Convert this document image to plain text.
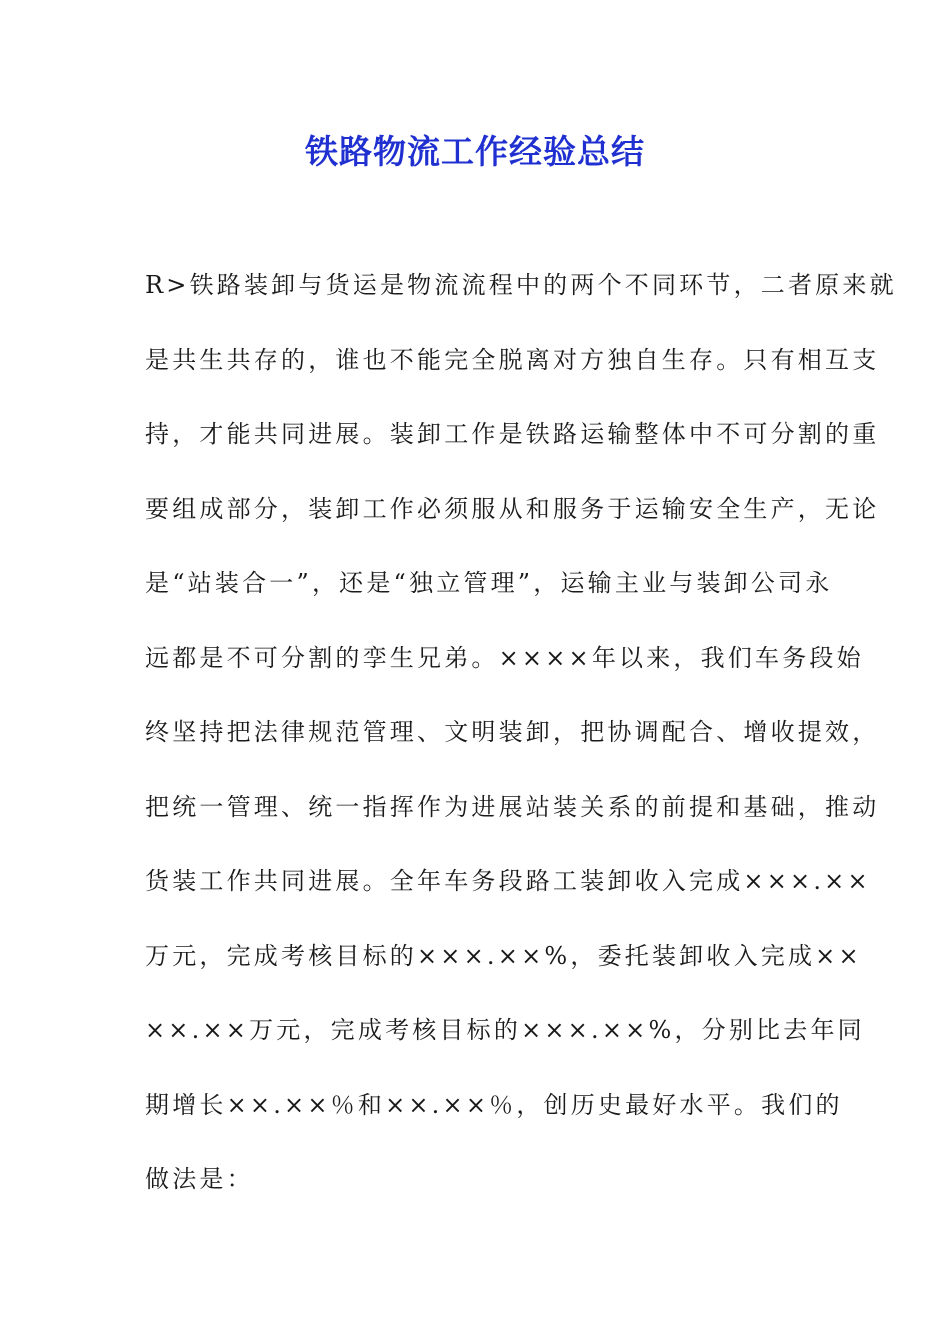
铁路物流工作经验总结
R>铁路装卸与货运是物流流程中的两个不同环节，二者原来就
是共生共存的，谁也不能完全脱离对方独自生存。只有相互支
持，才能共同进展。装卸工作是铁路运输整体中不可分割的重
要组成部分，装卸工作必须服从和服务于运输安全生产，无论
是“站装合一”，还是“独立管理”，运输主业与装卸公司永
远都是不可分割的孪生兄弟。××××年以来，我们车务段始
终坚持把法律规范管理、文明装卸，把协调配合、增收提效，
把统一管理、统一指挥作为进展站装关系的前提和基础，推动
货装工作共同进展。全年车务段路工装卸收入完成×××.××
万元，完成考核目标的×××.××%，委托装卸收入完成××
××.××万元，完成考核目标的×××.××%，分别比去年同
期增长××.××％和××.××％，创历史最好水平。我们的
做法是：
